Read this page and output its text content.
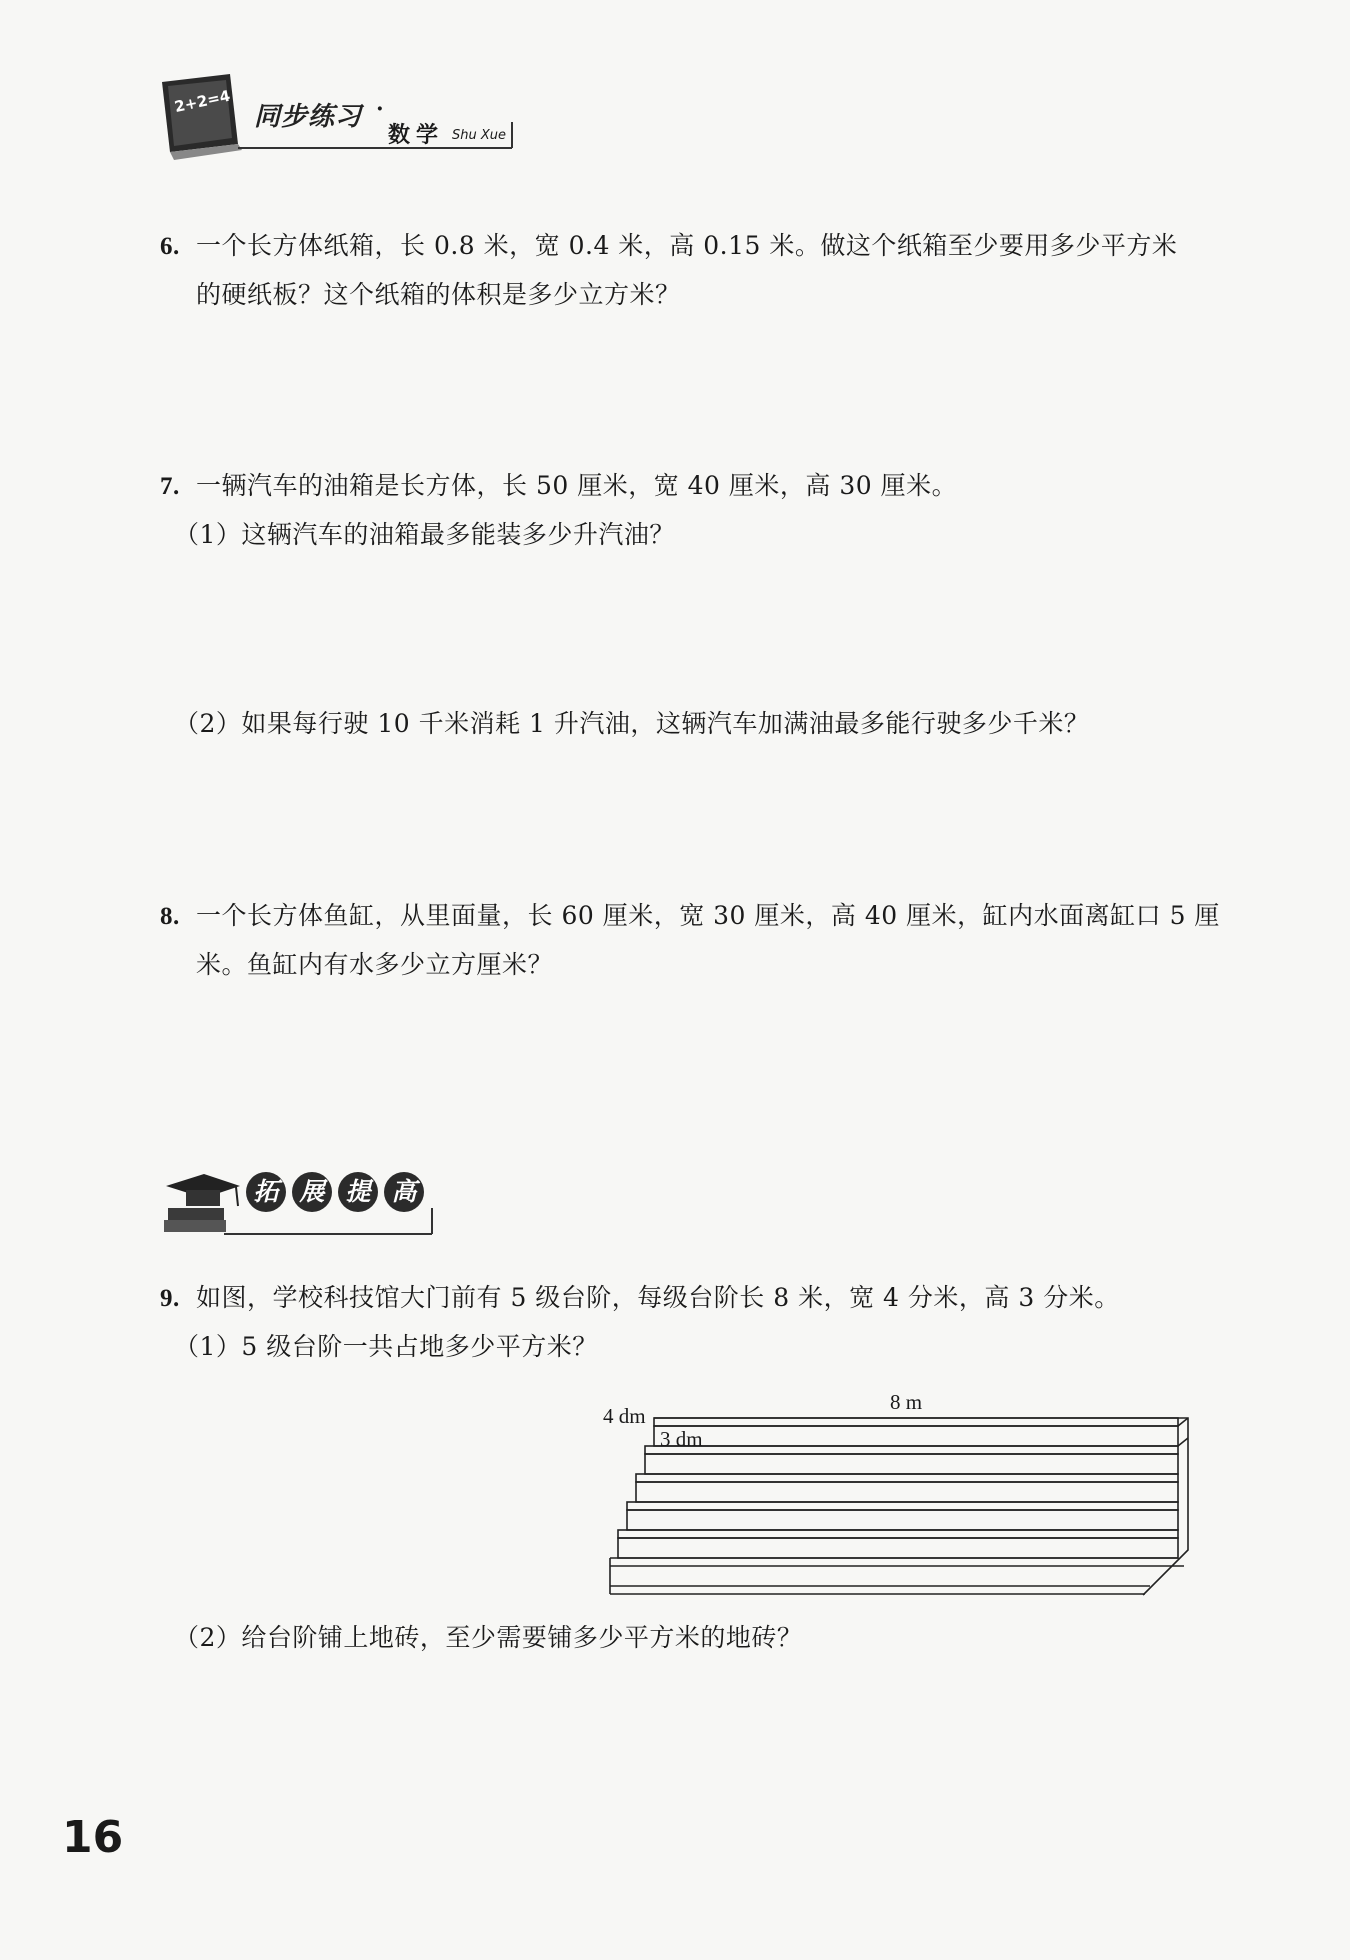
2+2=4
同步练习 ·
数学 Shu Xue
6. 一个长方体纸箱，长 0.8 米，宽 0.4 米，高 0.15 米。做这个纸箱至少要用多少平方米
的硬纸板？这个纸箱的体积是多少立方米？
7. 一辆汽车的油箱是长方体，长 50 厘米，宽 40 厘米，高 30 厘米。
（1）这辆汽车的油箱最多能装多少升汽油？
（2）如果每行驶 10 千米消耗 1 升汽油，这辆汽车加满油最多能行驶多少千米？
8. 一个长方体鱼缸，从里面量，长 60 厘米，宽 30 厘米，高 40 厘米，缸内水面离缸口 5 厘
米。鱼缸内有水多少立方厘米？
拓 展 提 高
9. 如图，学校科技馆大门前有 5 级台阶，每级台阶长 8 米，宽 4 分米，高 3 分米。
（1）5 级台阶一共占地多少平方米？
8 m
4 dm
3 dm
（2）给台阶铺上地砖，至少需要铺多少平方米的地砖？
16
